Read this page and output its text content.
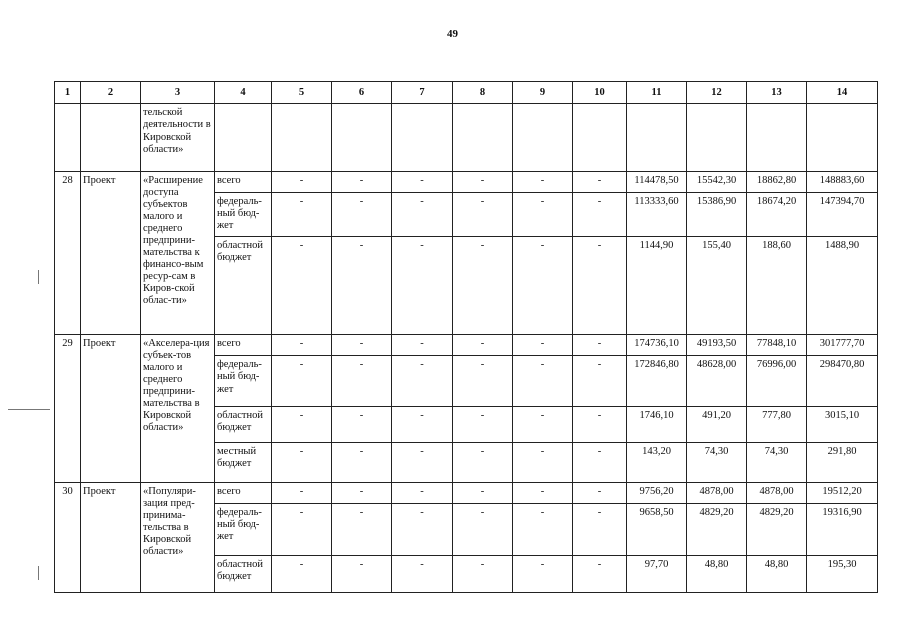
49
1	2	3	4	5	6	7	8	9	10	11	12	13	14
		тельской деятельности в Кировской области»											
28	Проект	«Расширение доступа субъектов малого и среднего предприни-мательства к финансо-вым ресур-сам в Киров-ской облас-ти»	всего	-	-	-	-	-	-	114478,50	15542,30	18862,80	148883,60
			федераль-ный бюд-жет	-	-	-	-	-	-	113333,60	15386,90	18674,20	147394,70
			областной бюджет	-	-	-	-	-	-	1144,90	155,40	188,60	1488,90
29	Проект	«Акселера-ция субъек-тов малого и среднего предприни-мательства в Кировской области»	всего	-	-	-	-	-	-	174736,10	49193,50	77848,10	301777,70
			федераль-ный бюд-жет	-	-	-	-	-	-	172846,80	48628,00	76996,00	298470,80
			областной бюджет	-	-	-	-	-	-	1746,10	491,20	777,80	3015,10
			местный бюджет	-	-	-	-	-	-	143,20	74,30	74,30	291,80
30	Проект	«Популяри-зация пред-принима-тельства в Кировской области»	всего	-	-	-	-	-	-	9756,20	4878,00	4878,00	19512,20
			федераль-ный бюд-жет	-	-	-	-	-	-	9658,50	4829,20	4829,20	19316,90
			областной бюджет	-	-	-	-	-	-	97,70	48,80	48,80	195,30
